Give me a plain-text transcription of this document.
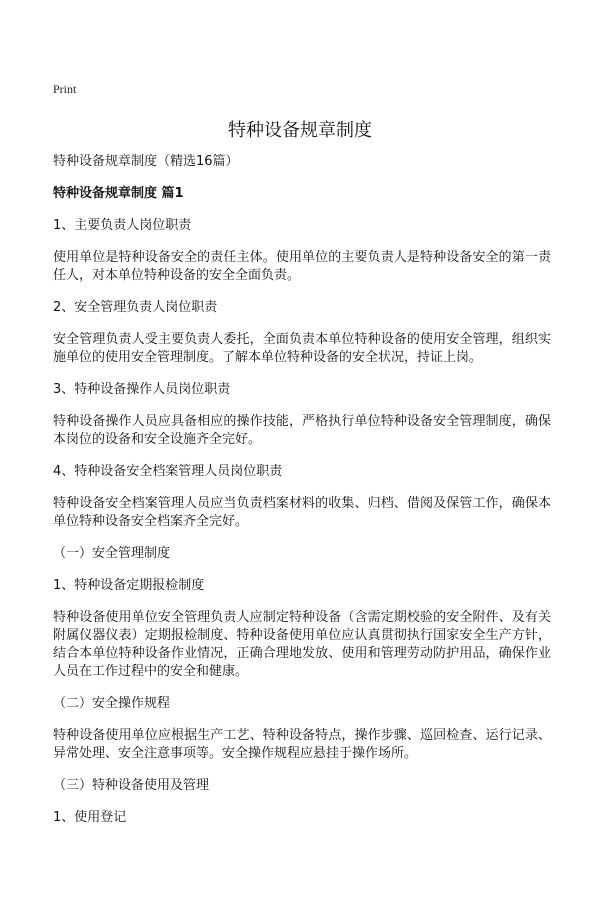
Print
特种设备规章制度

特种设备规章制度（精选16篇）

特种设备规章制度 篇1

1、主要负责人岗位职责

使用单位是特种设备安全的责任主体。使用单位的主要负责人是特种设备安全的第一责任人，对本单位特种设备的安全全面负责。

2、安全管理负责人岗位职责

安全管理负责人受主要负责人委托，全面负责本单位特种设备的使用安全管理，组织实施单位的使用安全管理制度。了解本单位特种设备的安全状况，持证上岗。

3、特种设备操作人员岗位职责

特种设备操作人员应具备相应的操作技能，严格执行单位特种设备安全管理制度，确保本岗位的设备和安全设施齐全完好。

4、特种设备安全档案管理人员岗位职责

特种设备安全档案管理人员应当负责档案材料的收集、归档、借阅及保管工作，确保本单位特种设备安全档案齐全完好。

（一）安全管理制度

1、特种设备定期报检制度

特种设备使用单位安全管理负责人应制定特种设备（含需定期校验的安全附件、及有关附属仪器仪表）定期报检制度、特种设备使用单位应认真贯彻执行国家安全生产方针，结合本单位特种设备作业情况，正确合理地发放、使用和管理劳动防护用品，确保作业人员在工作过程中的安全和健康。

（二）安全操作规程

特种设备使用单位应根据生产工艺、特种设备特点，操作步骤、巡回检查、运行记录、异常处理、安全注意事项等。安全操作规程应悬挂于操作场所。

（三）特种设备使用及管理

1、使用登记
